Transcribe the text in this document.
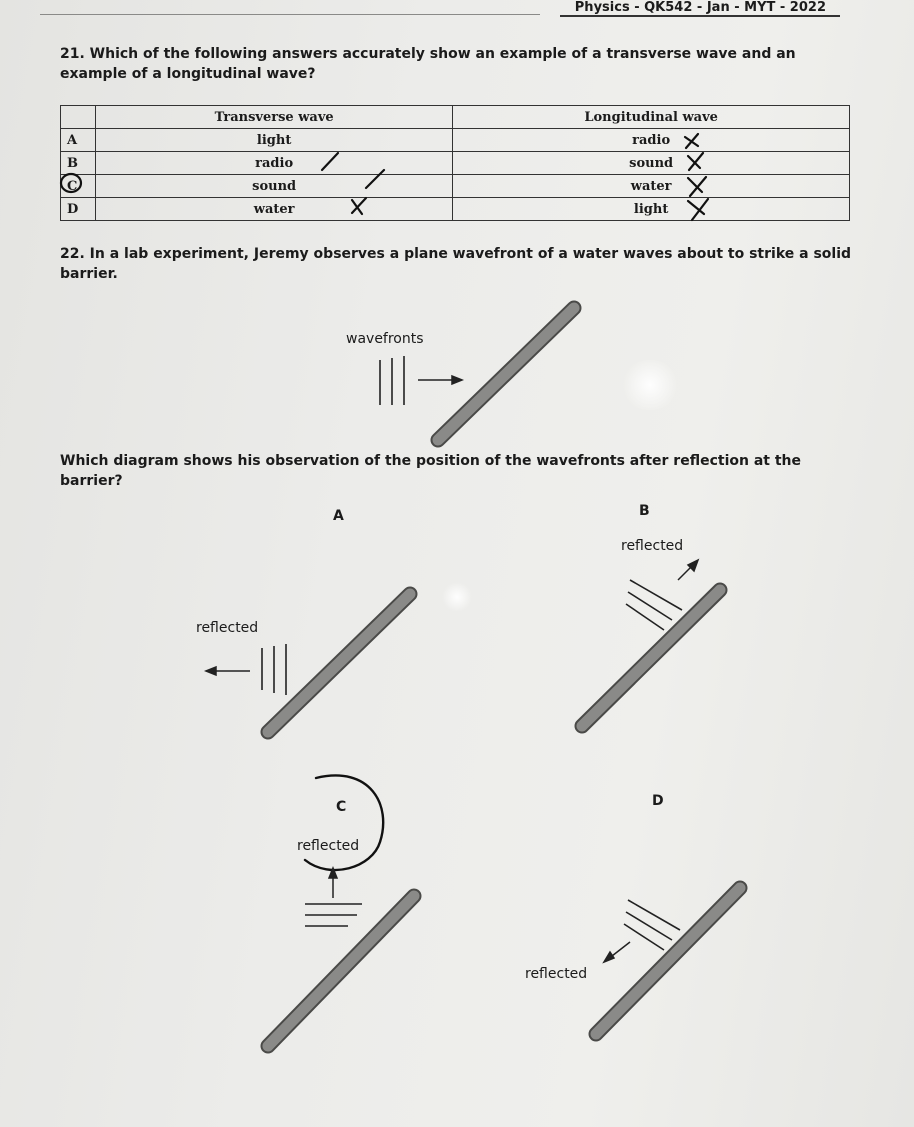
Physics - QK542 - Jan - MYT - 2022
21. Which of the following answers accurately show an example of a transverse wave and an example of a longitudinal wave?
	Transverse wave	Longitudinal wave
A	light	radio
B	radio	sound
C	sound	water
D	water	light
22. In a lab experiment, Jeremy observes a plane wavefront of a water waves about to strike a solid barrier.
wavefronts
Which diagram shows his observation of the position of the wavefronts after reflection at the barrier?
A	B
C	D
reflected
reflected
reflected
reflected
